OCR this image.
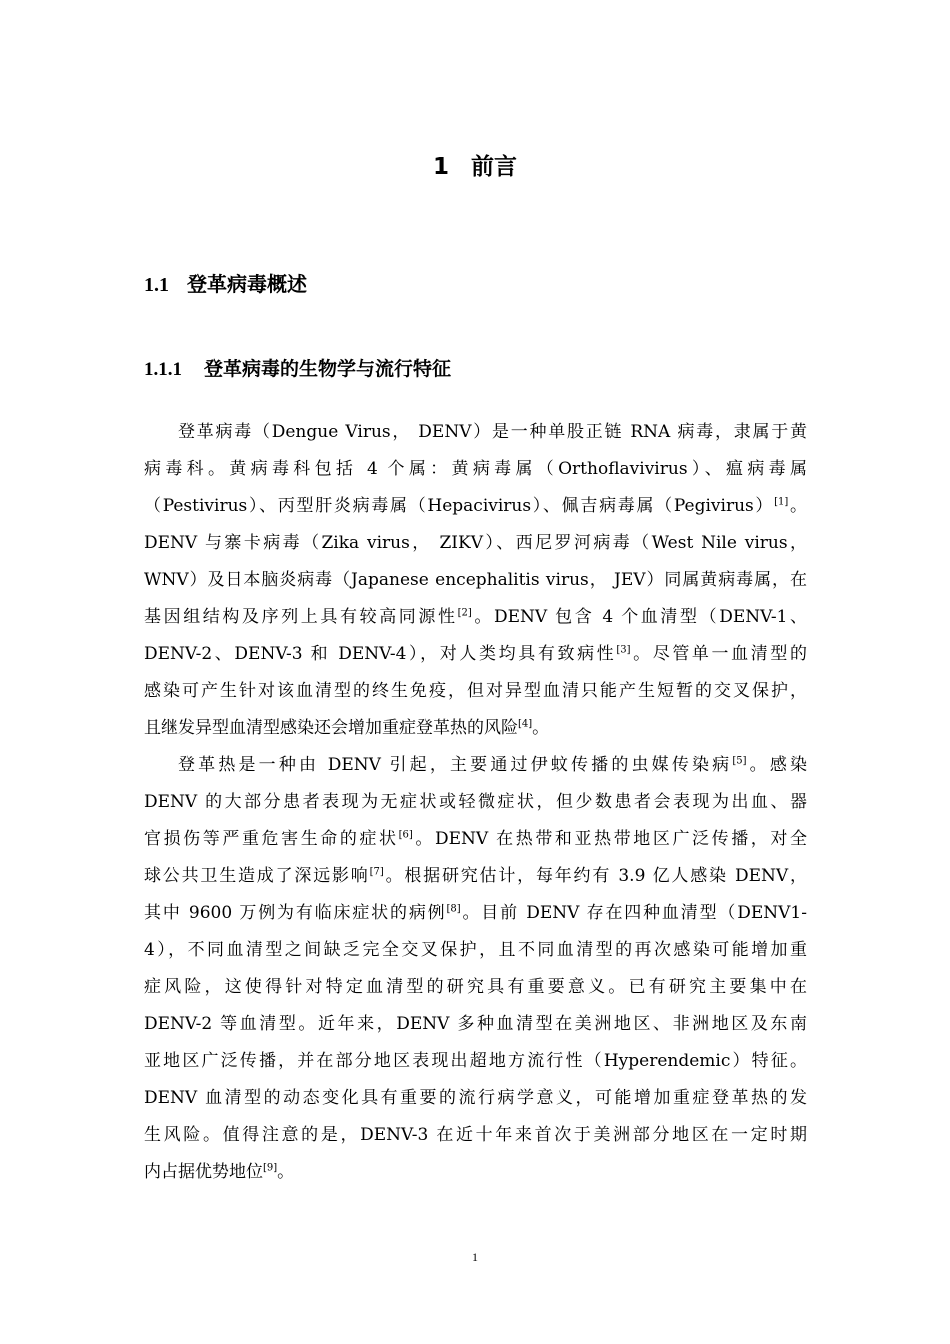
1 前言
1.1 登革病毒概述
1.1.1 登革病毒的生物学与流行特征
登革病毒（Dengue Virus， DENV）是一种单股正链 RNA 病毒，隶属于黄
病毒科。黄病毒科包括 4 个属：黄病毒属（Orthoflavivirus）、瘟病毒属
（Pestivirus）、丙型肝炎病毒属（Hepacivirus）、佩吉病毒属（Pegivirus）[1]。
DENV 与寨卡病毒（Zika virus， ZIKV）、西尼罗河病毒（West Nile virus，
WNV）及日本脑炎病毒（Japanese encephalitis virus， JEV）同属黄病毒属，在
基因组结构及序列上具有较高同源性[2]。DENV 包含 4 个血清型（DENV-1、
DENV-2、DENV-3 和 DENV-4），对人类均具有致病性[3]。尽管单一血清型的
感染可产生针对该血清型的终生免疫，但对异型血清只能产生短暂的交叉保护，
且继发异型血清型感染还会增加重症登革热的风险[4]。
登革热是一种由 DENV 引起，主要通过伊蚊传播的虫媒传染病[5]。感染
DENV 的大部分患者表现为无症状或轻微症状，但少数患者会表现为出血、器
官损伤等严重危害生命的症状[6]。DENV 在热带和亚热带地区广泛传播，对全
球公共卫生造成了深远影响[7]。根据研究估计，每年约有 3.9 亿人感染 DENV，
其中 9600 万例为有临床症状的病例[8]。目前 DENV 存在四种血清型（DENV1-
4），不同血清型之间缺乏完全交叉保护，且不同血清型的再次感染可能增加重
症风险，这使得针对特定血清型的研究具有重要意义。已有研究主要集中在
DENV-2 等血清型。近年来，DENV 多种血清型在美洲地区、非洲地区及东南
亚地区广泛传播，并在部分地区表现出超地方流行性（Hyperendemic）特征。
DENV 血清型的动态变化具有重要的流行病学意义，可能增加重症登革热的发
生风险。值得注意的是，DENV-3 在近十年来首次于美洲部分地区在一定时期
内占据优势地位[9]。
1
